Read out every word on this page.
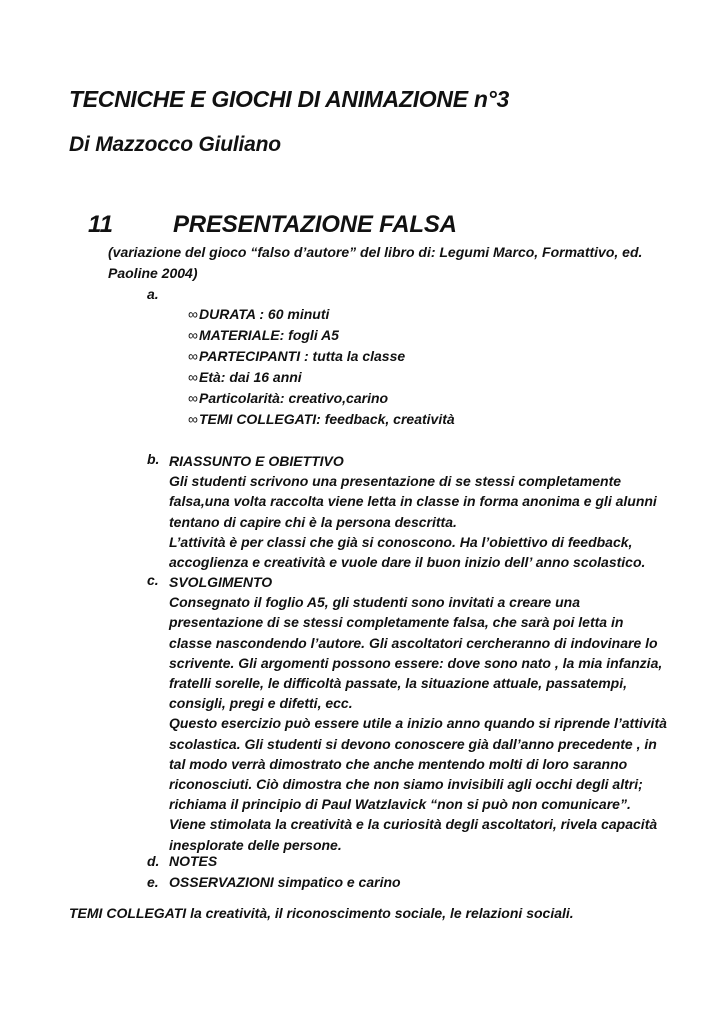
TECNICHE E GIOCHI DI ANIMAZIONE n°3
Di Mazzocco Giuliano
11	PRESENTAZIONE FALSA
(variazione del gioco “falso d’autore” del libro di: Legumi Marco, Formattivo, ed.
Paoline 2004)
a.
∞DURATA : 60 minuti
∞MATERIALE: fogli A5
∞PARTECIPANTI : tutta la classe
∞Età: dai 16 anni
∞Particolarità: creativo,carino
∞TEMI COLLEGATI: feedback, creatività
b. RIASSUNTO E OBIETTIVO
Gli studenti scrivono una presentazione di se stessi completamente
falsa,una volta raccolta viene letta in classe in forma anonima e gli alunni
tentano di capire chi è la persona descritta.
L’attività è per classi che già si conoscono. Ha l’obiettivo di feedback,
accoglienza e creatività e vuole dare il buon inizio dell’ anno scolastico.
c. SVOLGIMENTO
Consegnato il foglio A5, gli studenti sono invitati a creare una
presentazione di se stessi completamente falsa, che sarà poi letta in
classe nascondendo l’autore. Gli ascoltatori cercheranno di indovinare lo
scrivente. Gli argomenti possono essere: dove sono nato , la mia infanzia,
fratelli sorelle, le difficoltà passate, la situazione attuale, passatempi,
consigli, pregi e difetti, ecc.
Questo esercizio può essere utile a inizio anno quando si riprende l’attività
scolastica. Gli studenti si devono conoscere già dall’anno precedente , in
tal modo verrà dimostrato che anche mentendo molti di loro saranno
riconosciuti. Ciò dimostra che non siamo invisibili agli occhi degli altri;
richiama il principio di Paul Watzlavick “non si può non comunicare”.
Viene stimolata la creatività e la curiosità degli ascoltatori, rivela capacità
inesplorate delle persone.
d. NOTES
e. OSSERVAZIONI simpatico e carino
TEMI COLLEGATI la creatività, il riconoscimento sociale, le relazioni sociali.
